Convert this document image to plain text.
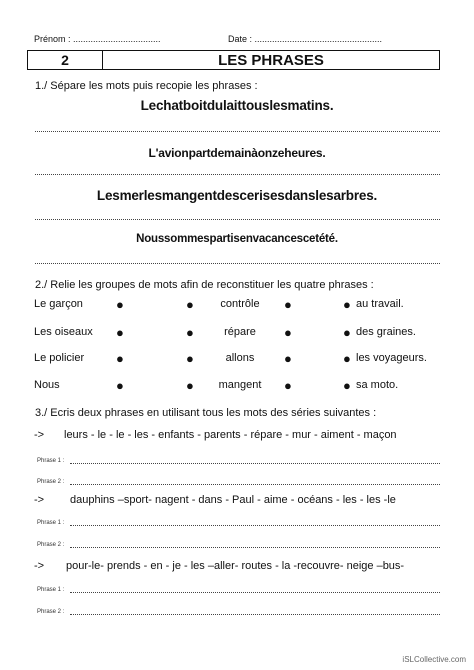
Prénom : ...................................	Date : ...................................................
2	LES PHRASES
1./ Sépare les mots puis recopie les phrases :
Lechatboitdulaittouslesmatins.
L'avionpartdemainàonzeheures.
Lesmerlesmangentdescerisesdanslesarbres.
Noussommespartisenvacancescetété.
2./ Relie les groupes de mots afin de reconstituer les quatre phrases :
Le garçon	●	●	contrôle	●	● au travail.
Les oiseaux ●	●	répare	●	● des graines.
Le policier ●	●	allons	●	● les voyageurs.
Nous	●	●	mangent	●	● sa moto.
3./ Ecris deux phrases en utilisant tous les mots des séries suivantes :
-> leurs - le - le - les - enfants - parents - répare - mur - aiment - maçon
Phrase 1 :
Phrase 2 :
-> dauphins –sport- nagent - dans - Paul - aime - océans - les - les -le
Phrase 1 :
Phrase 2 :
-> pour-le- prends - en - je - les –aller- routes - la -recouvre- neige –bus-
Phrase 1 :
Phrase 2 :
iSLCollective.com
